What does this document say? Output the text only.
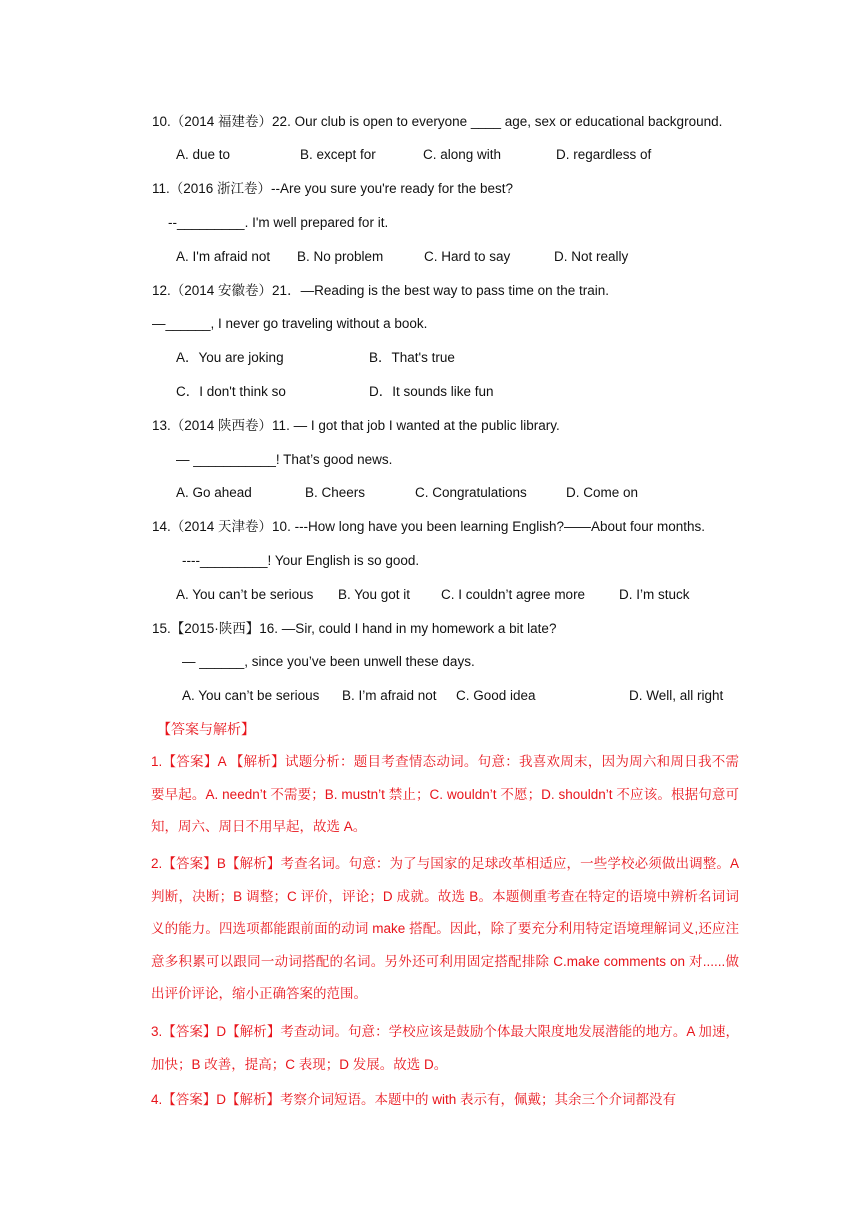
10.（2014 福建卷）22. Our club is open to everyone ____ age, sex or educational background.
A. due to	B. except for	C. along with	D. regardless of
11.（2016 浙江卷）--Are you sure you're ready for the best?
--_________. I'm well prepared for it.
A. I'm afraid not B. No problem	C. Hard to say	D. Not really
12.（2014 安徽卷）21．—Reading is the best way to pass time on the train.
—______, I never go traveling without a book.
A．You are joking	B．That's true
C．I don't think so	D．It sounds like fun
13.（2014 陕西卷）11. — I got that job I wanted at the public library.
— ___________! That’s good news.
A. Go ahead	B. Cheers	C. Congratulations	D. Come on
14.（2014 天津卷）10. ---How long have you been learning English?——About four months.
----_________! Your English is so good.
A. You can’t be serious B. You got it C. I couldn’t agree more	D. I’m stuck
15.【2015·陕西】16. —Sir, could I hand in my homework a bit late?
— ______, since you’ve been unwell these days.
A. You can’t be serious B. I’m afraid not C. Good idea	D. Well, all right
【答案与解析】
1.【答案】A 【解析】试题分析：题目考查情态动词。句意：我喜欢周末，因为周六和周日我不需要早起。A. needn’t 不需要；B. mustn’t 禁止；C. wouldn’t 不愿；D. shouldn’t 不应该。根据句意可知，周六、周日不用早起，故选 A。
2.【答案】B【解析】考查名词。句意：为了与国家的足球改革相适应，一些学校必须做出调整。A 判断，决断；B 调整；C 评价，评论；D 成就。故选 B。本题侧重考查在特定的语境中辨析名词词义的能力。四选项都能跟前面的动词 make 搭配。因此，除了要充分利用特定语境理解词义,还应注意多积累可以跟同一动词搭配的名词。另外还可利用固定搭配排除 C.make comments on 对......做出评价评论，缩小正确答案的范围。
3.【答案】D【解析】考查动词。句意：学校应该是鼓励个体最大限度地发展潜能的地方。A 加速，加快；B 改善，提高；C 表现；D 发展。故选 D。
4.【答案】D【解析】考察介词短语。本题中的 with 表示有，佩戴；其余三个介词都没有
